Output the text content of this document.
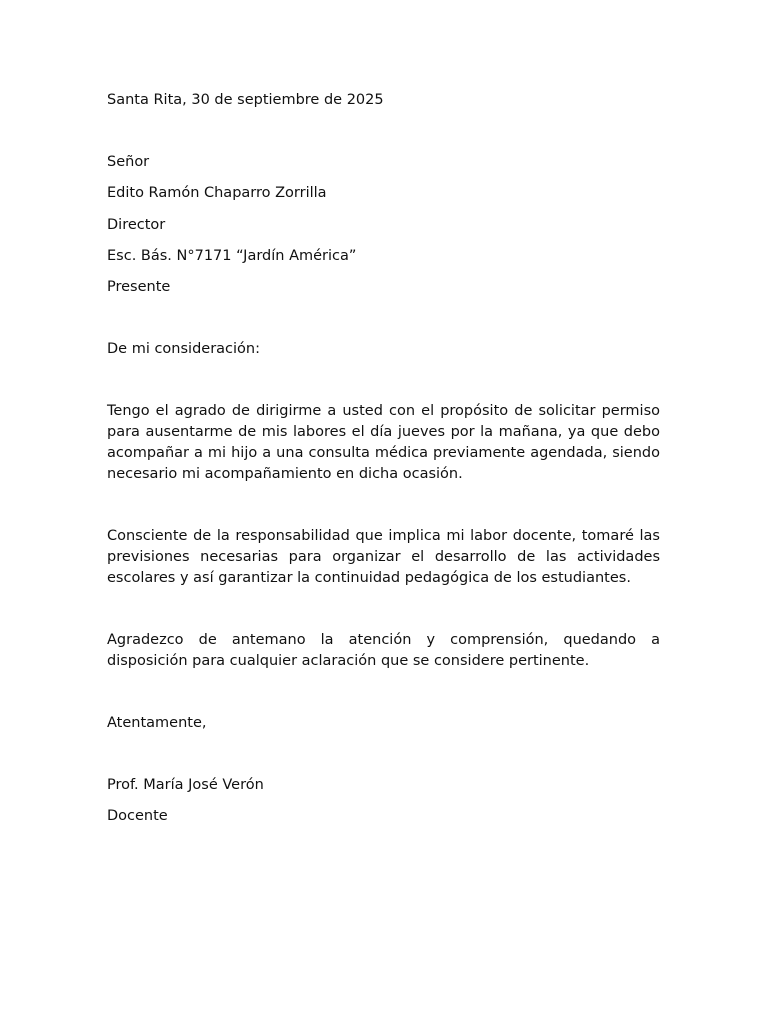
Santa Rita, 30 de septiembre de 2025
Señor
Edito Ramón Chaparro Zorrilla
Director
Esc. Bás. N°7171 “Jardín América”
Presente
De mi consideración:

Tengo el agrado de dirigirme a usted con el propósito de solicitar permiso para ausentarme de mis labores el día jueves por la mañana, ya que debo acompañar a mi hijo a una consulta médica previamente agendada, siendo necesario mi acompañamiento en dicha ocasión.

Consciente de la responsabilidad que implica mi labor docente, tomaré las previsiones necesarias para organizar el desarrollo de las actividades escolares y así garantizar la continuidad pedagógica de los estudiantes.

Agradezco de antemano la atención y comprensión, quedando a disposición para cualquier aclaración que se considere pertinente.

Atentamente,
Prof. María José Verón
Docente
